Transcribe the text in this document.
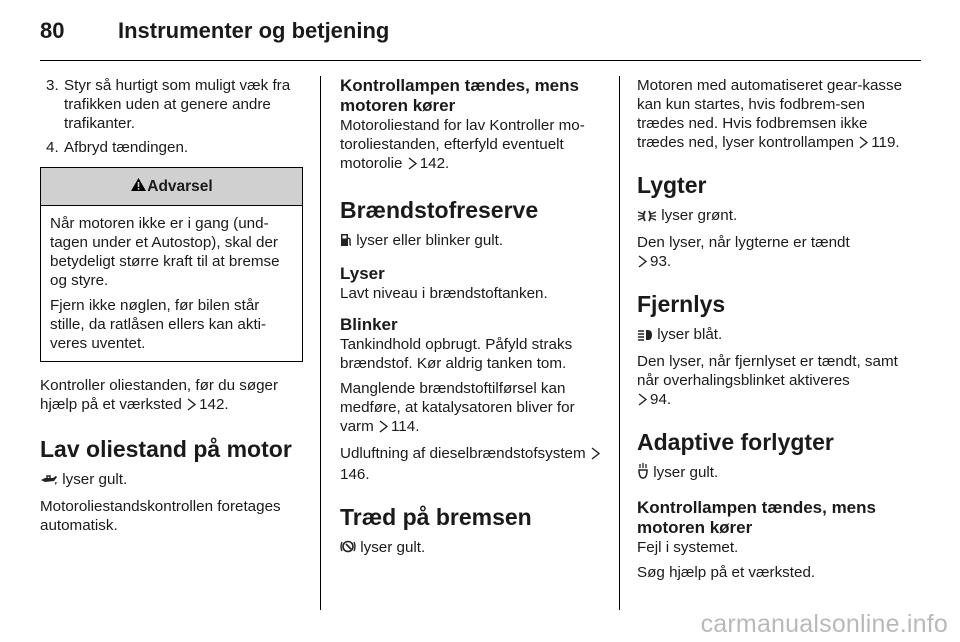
80 Instrumenter og betjening
3. Styr så hurtigt som muligt væk fra trafikken uden at genere andre trafikanter.
4. Afbryd tændingen.
Advarsel

Når motoren ikke er i gang (und-tagen under et Autostop), skal der betydeligt større kraft til at bremse og styre.

Fjern ikke nøglen, før bilen står stille, da ratlåsen ellers kan akti-veres uventet.

Kontroller oliestanden, før du søger hjælp på et værksted 142.

Lav oliestand på motor

lyser gult.

Motoroliestandskontrollen foretages automatisk.

Kontrollampen tændes, mens motoren kører

Motoroliestand for lav Kontroller mo-toroliestanden, efterfyld eventuelt motorolie 142.

Brændstofreserve

lyser eller blinker gult.

Lyser

Lavt niveau i brændstoftanken.

Blinker

Tankindhold opbrugt. Påfyld straks brændstof. Kør aldrig tanken tom.

Manglende brændstoftilførsel kan medføre, at katalysatoren bliver for varm 114.

Udluftning af dieselbrændstofsystem 146.

Træd på bremsen

lyser gult.

Motoren med automatiseret gear-kasse kan kun startes, hvis fodbrem-sen trædes ned. Hvis fodbremsen ikke trædes ned, lyser kontrollampen 119.

Lygter

lyser grønt.

Den lyser, når lygterne er tændt
93.

Fjernlys

lyser blåt.

Den lyser, når fjernlyset er tændt, samt når overhalingsblinket aktiveres
94.

Adaptive forlygter

lyser gult.

Kontrollampen tændes, mens motoren kører

Fejl i systemet.

Søg hjælp på et værksted.

carmanualsonline.info
